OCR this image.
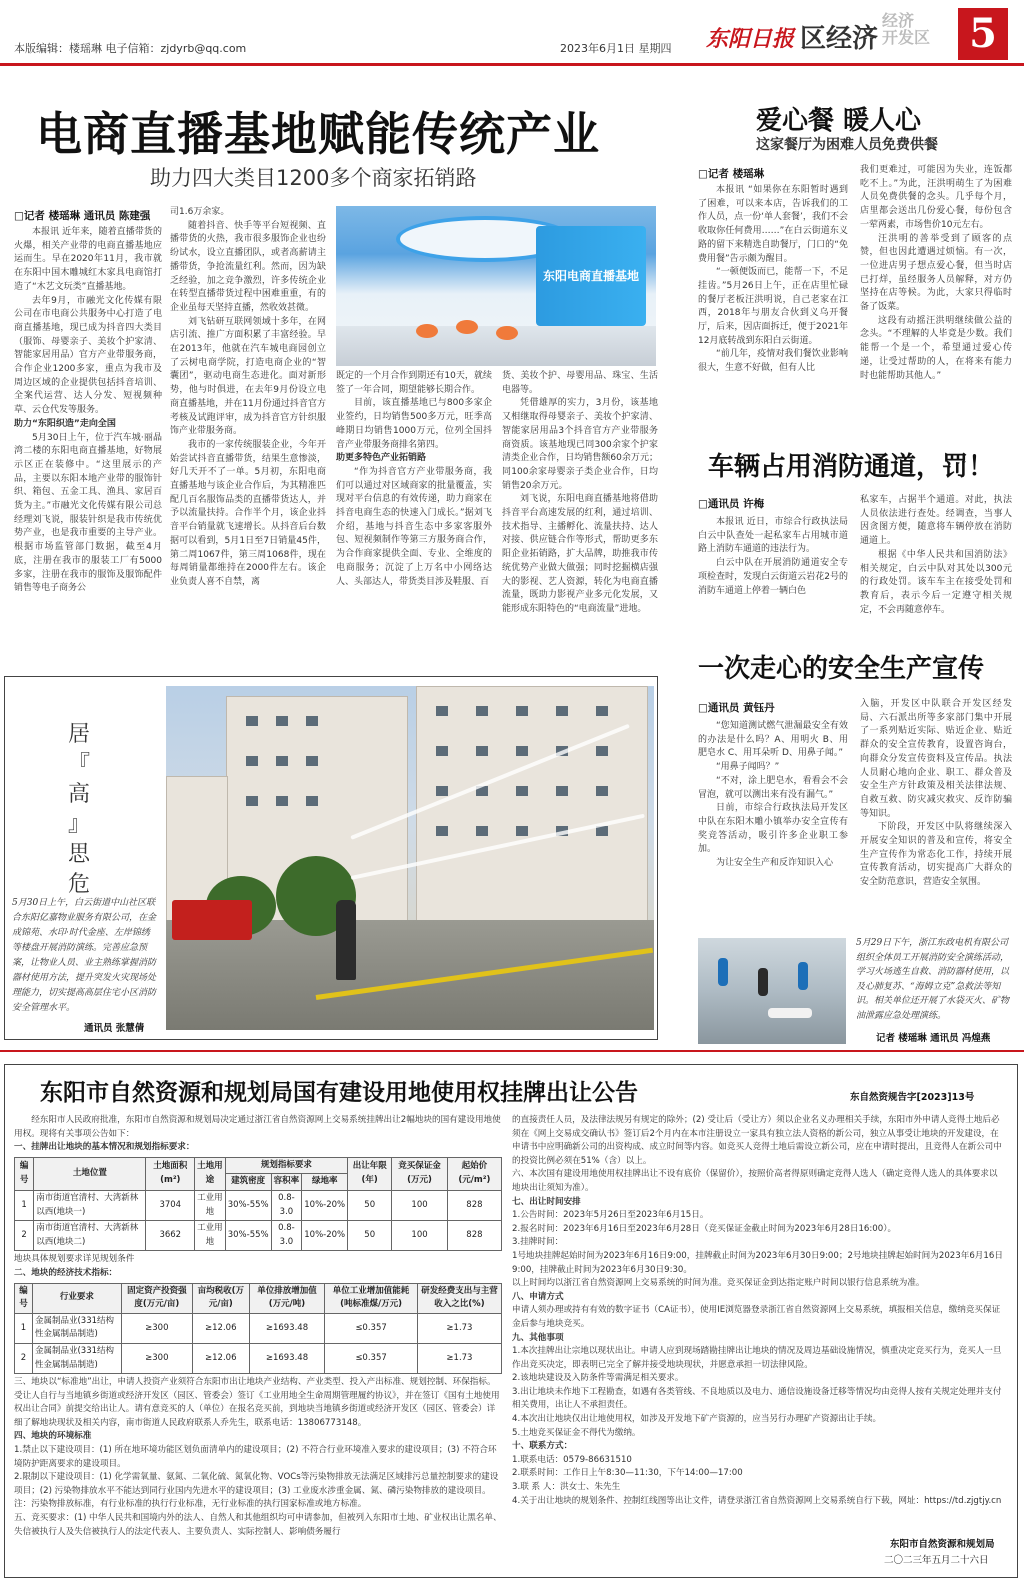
本版编辑：楼瑶琳 电子信箱：zjdyrb@qq.com	2023年6月1日 星期四 东阳日报 区经济
经济
开发区 5
电商直播基地赋能传统产业
助力四大类目1200多个商家拓销路
□记者 楼瑶琳 通讯员 陈建强

本报讯 近年来，随着直播带货的火爆，相关产业带的电商直播基地应运而生。早在2020年11月，我市就在东阳中国木雕城红木家具电商馆打造了“木艺文玩类”直播基地。

去年9月，市融光文化传媒有限公司在市电商公共服务中心打造了电商直播基地，现已成为抖音四大类目（服饰、母婴亲子、美妆个护家清、智能家居用品）官方产业带服务商，合作企业1200多家，重点为我市及周边区域的企业提供包括抖音培训、全案代运营、达人分发、短视频种草、云仓代发等服务。

助力“东阳织造”走向全国

5月30日上午，位于汽车城·丽晶湾二楼的东阳电商直播基地，好物展示区正在装修中。“这里展示的产品，主要以东阳本地产业带的服饰针织、箱包、五金工具、渔具、家居百货为主。”市融光文化传媒有限公司总经理刘飞说，服装针织是我市传统优势产业，也是我市重要的主导产业。根据市场监管部门数据，截至4月底，注册在我市的服装工厂有5000多家，注册在我市的服饰及服饰配件销售等电子商务公

司1.6万余家。

随着抖音、快手等平台短视频、直播带货的火热，我市很多服饰企业也纷纷试水，设立直播团队，或者高薪请主播带货，争抢流量红利。然而，因为缺乏经验，加之竞争激烈，许多传统企业在转型直播带货过程中困难重重，有的企业虽每天坚持直播，然收效甚微。

刘飞钻研互联网领域十多年，在网店引流、推广方面积累了丰富经验。早在2013年，他就在汽车城电商园创立了云树电商学院，打造电商企业的“智囊团”，驱动电商生态进化。面对新形势，他与时俱进，在去年9月份设立电商直播基地，并在11月份通过抖音官方考核及试跑评审，成为抖音官方针织服饰产业带服务商。

我市的一家传统服装企业，今年开始尝试抖音直播带货，结果生意惨淡，好几天开不了一单。5月初，东阳电商直播基地与该企业合作后，为其精准匹配几百名服饰品类的直播带货达人，并予以流量扶持。合作半个月，该企业抖音平台销量就飞速增长。从抖音后台数据可以看到，5月1日至7日销量45件，第二周1067件，第三周1068件，现在每周销量都维持在2000件左右。该企业负责人喜不自禁，离

既定的一个月合作到期还有10天，就续签了一年合同，期望能够长期合作。

目前，该直播基地已与800多家企业签约，日均销售500多万元，旺季高峰期日均销售1000万元，位列全国抖音产业带服务商排名第四。

助更多特色产业拓销路

“作为抖音官方产业带服务商，我们可以通过对区域商家的批量覆盖，实现对平台信息的有效传递，助力商家在抖音电商生态的快速入门成长。”据刘飞介绍，基地与抖音生态中多家客服外包、短视频制作等第三方服务商合作，为合作商家提供全面、专业、全维度的电商服务；沉淀了上万名中小网络达人、头部达人，带货类目涉及鞋服、百

货、美妆个护、母婴用品、珠宝、生活电器等。

凭借雄厚的实力，3月份，该基地又相继取得母婴亲子、美妆个护家清、智能家居用品3个抖音官方产业带服务商资质。该基地现已同300余家个护家清类企业合作，日均销售额60余万元；同100余家母婴亲子类企业合作，日均销售20余万元。

刘飞说，东阳电商直播基地将借助抖音平台高速发展的红利，通过培训、技术指导、主播孵化、流量扶持、达人对接、供应链合作等形式，帮助更多东阳企业拓销路，扩大品牌，助推我市传统优势产业做大做强；同时挖掘横店强大的影视、艺人资源，转化为电商直播流量，既助力影视产业多元化发展，又能形成东阳特色的“电商流量”进地。

东阳电商直播基地
居
『
高
』
思
危
5月30日上午，白云街道中山社区联合东阳亿嘉物业服务有限公司，在金成锦苑、水印·时代金座、左岸锦绣等楼盘开展消防演练。完善应急预案，让物业人员、业主熟练掌握消防器材使用方法，提升突发火灾现场处理能力，切实提高高层住宅小区消防安全管理水平。
通讯员 张慧倩
爱心餐 暖人心
这家餐厅为困难人员免费供餐
□记者 楼瑶琳

本报讯 “如果你在东阳暂时遇到了困难，可以来本店，告诉我们的工作人员，点一份‘单人套餐’，我们不会收取你任何费用……”在白云街道东义路的留下来精选自助餐厅，门口的“免费用餐”告示颇为醒目。

“一顿便饭而已，能帮一下，不足挂齿。”5月26日上午，正在店里忙碌的餐厅老板汪洪明说，自己老家在江西，2018年与朋友合伙到义乌开餐厅，后来，因店面拆迁，便于2021年12月底转战到东阳白云街道。

“前几年，疫情对我们餐饮业影响很大，生意不好做，但有人比

我们更难过，可能因为失业，连饭都吃不上。”为此，汪洪明萌生了为困难人员免费供餐的念头。几乎每个月，店里都会送出几份爱心餐，每份包含一荤两素，市场售价10元左右。

汪洪明的善举受到了顾客的点赞，但也因此遭遇过烦恼。有一次，一位进店男子想点爱心餐，但当时店已打烊，虽经服务人员解释，对方仍坚持在店等候。为此，大家只得临时备了饭菜。

这段有动摇汪洪明继续做公益的念头。“不理解的人毕竟是少数。我们能帮一个是一个，希望通过爱心传递，让受过帮助的人，在将来有能力时也能帮助其他人。”

车辆占用消防通道，罚！
□通讯员 许梅

本报讯 近日，市综合行政执法局白云中队查处一起私家车占用城市道路上消防车通道的违法行为。

白云中队在开展消防通道安全专项检查时，发现白云街道云岩花2号的消防车通道上停着一辆白色

私家车，占据半个通道。对此，执法人员依法进行查处。经调查，当事人因贪图方便，随意将车辆停放在消防通道上。

根据《中华人民共和国消防法》相关规定，白云中队对其处以300元的行政处罚。该车车主在接受处罚和教育后，表示今后一定遵守相关规定，不会再随意停车。

一次走心的安全生产宣传
□通讯员 黄钰丹

“您知道测试燃气泄漏最安全有效的办法是什么吗？A、用明火 B、用肥皂水 C、用耳朵听 D、用鼻子闻。”

“用鼻子闻吗？”

“不对，涂上肥皂水，看看会不会冒泡，就可以测出来有没有漏气。”

日前，市综合行政执法局开发区中队在东阳木雕小镇举办安全宣传有奖竞答活动，吸引许多企业职工参加。

为让安全生产和反诈知识入心

入脑，开发区中队联合开发区经发局、六石派出所等多家部门集中开展了一系列贴近实际、贴近企业、贴近群众的安全宣传教育，设置咨询台，向群众分发宣传资料及宣传品。执法人员耐心地向企业、职工、群众普及安全生产方针政策及相关法律法规、自救互救、防灾减灾救灾、反诈防骗等知识。

下阶段，开发区中队将继续深入开展安全知识的普及和宣传，将安全生产宣传作为常态化工作，持续开展宣传教育活动，切实提高广大群众的安全防范意识，营造安全氛围。

5月29日下午，浙江东政电机有限公司组织全体员工开展消防安全演练活动，学习火场逃生自救、消防器材使用，以及心肺复苏、“海姆立克”急救法等知识。相关单位还开展了水袋灭火、矿物油泄露应急处理演练。
记者 楼瑶琳 通讯员 冯煌燕
东阳市自然资源和规划局国有建设用地使用权挂牌出让公告	东自然资规告字[2023]13号

经东阳市人民政府批准，东阳市自然资源和规划局决定通过浙江省自然资源网上交易系统挂牌出让2幅地块的国有建设用地使用权。现将有关事项公告如下：

一、挂牌出让地块的基本情况和规划指标要求：

编号	土地位置	土地面积(m²)	土地用途	规划指标要求			出让年限(年)	竞买保证金(万元)	起始价(元/m²)
				建筑密度	容积率	绿地率			
1	南市街道官清村、大湾新林以西(地块一)	3704	工业用地	30%-55%	0.8-3.0	10%-20%	50	100	828
2	南市街道官清村、大湾新林以西(地块二)	3662	工业用地	30%-55%	0.8-3.0	10%-20%	50	100	828

地块具体规划要求详见规划条件

二、地块的经济技术指标：

编号	行业要求	固定资产投资强度(万元/亩)	亩均税收(万元/亩)	单位排放增加值(万元/吨)	单位工业增加值能耗(吨标准煤/万元)	研发经费支出与主营收入之比(%)
1	金属制品业(331结构性金属制品制造)	≥300	≥12.06	≥1693.48	≤0.357	≥1.73
2	金属制品业(331结构性金属制品制造)	≥300	≥12.06	≥1693.48	≤0.357	≥1.73

三、地块以“标准地”出让，申请人投资产业须符合东阳市出让地块产业结构、产业类型、投入产出标准、规划控制、环保指标。受让人自行与当地镇乡街道或经济开发区（园区、管委会）签订《工业用地全生命周期管理履约协议》，并在签订《国有土地使用权出让合同》前提交给出让人。请有意竞买的人（单位）在报名竞买前，到地块当地镇乡街道或经济开发区（园区、管委会）详细了解地块现状及相关内容，南市街道人民政府联系人乔先生，联系电话：13806773148。

四、地块的环境标准

1.禁止以下建设项目：(1) 所在地环境功能区划负面清单内的建设项目；(2) 不符合行业环境准入要求的建设项目；(3) 不符合环境防护距离要求的建设项目。

2.限制以下建设项目：(1) 化学需氧量、氨氮、二氧化硫、氮氧化物、VOCs等污染物排放无法满足区域排污总量控制要求的建设项目；(2) 污染物排放水平不能达到同行业国内先进水平的建设项目；(3) 工业废水涉重金属、氮、磷污染物排放的建设项目。

注：污染物排放标准，有行业标准的执行行业标准，无行业标准的执行国家标准或地方标准。

五、竞买要求：(1) 中华人民共和国境内外的法人、自然人和其他组织均可申请参加，但被列入东阳市土地、矿业权出让黑名单、失信被执行人及失信被执行人的法定代表人、主要负责人、实际控制人、影响债务履行

的直接责任人员，及法律法规另有规定的除外；(2) 受让后（受让方）须以企业名义办理相关手续，东阳市外申请人竞得土地后必须在《网上交易成交确认书》签订后2个月内在本市注册设立一家具有独立法人资格的新公司，独立从事受让地块的开发建设，在申请书中应明确新公司的出资构成、成立时间等内容。如竞买人竞得土地后需设立新公司，应在申请时提出，且竞得人在新公司中的投资比例必须在51%（含）以上。

六、本次国有建设用地使用权挂牌出让不设有底价（保留价），按照价高者得原则确定竞得人选人（确定竞得人选人的具体要求以地块出让须知为准）。

七、出让时间安排

1.公告时间：2023年5月26日至2023年6月15日。

2.报名时间：2023年6月16日至2023年6月28日（竞买保证金截止时间为2023年6月28日16:00）。

3.挂牌时间：

1号地块挂牌起始时间为2023年6月16日9:00，挂牌截止时间为2023年6月30日9:00；2号地块挂牌起始时间为2023年6月16日9:00，挂牌截止时间为2023年6月30日9:30。

以上时间均以浙江省自然资源网上交易系统的时间为准。竞买保证金到达指定账户时间以银行信息系统为准。

八、申请方式

申请人须办理或持有有效的数字证书（CA证书），使用IE浏览器登录浙江省自然资源网上交易系统，填报相关信息，缴纳竞买保证金后参与地块竞买。

九、其他事项

1.本次挂牌出让宗地以现状出让。申请人应到现场踏勘挂牌出让地块的情况及周边基础设施情况，慎重决定竞买行为，竞买人一旦作出竞买决定，即表明已完全了解并接受地块现状，并愿意承担一切法律风险。

2.该地块建设及入防条件等需满足相关要求。

3.出让地块未作地下工程勘查，如遇有各类管线、不良地质以及电力、通信设施设备迁移等情况均由竞得人按有关规定处理并支付相关费用，出让人不承担责任。

4.本次出让地块仅出让地使用权，如涉及开发地下矿产资源的，应当另行办理矿产资源出让手续。

5.土地竞买保证金不得代为缴纳。

十、联系方式：

1.联系电话：0579-86631510

2.联系时间：工作日上午8:30—11:30，下午14:00—17:00

3.联 系 人：洪女士、朱先生

4.关于出让地块的规划条件、控制红线图等出让文件，请登录浙江省自然资源网上交易系统自行下载，网址：https://td.zjgtjy.cn

东阳市自然资源和规划局
二〇二三年五月二十六日
